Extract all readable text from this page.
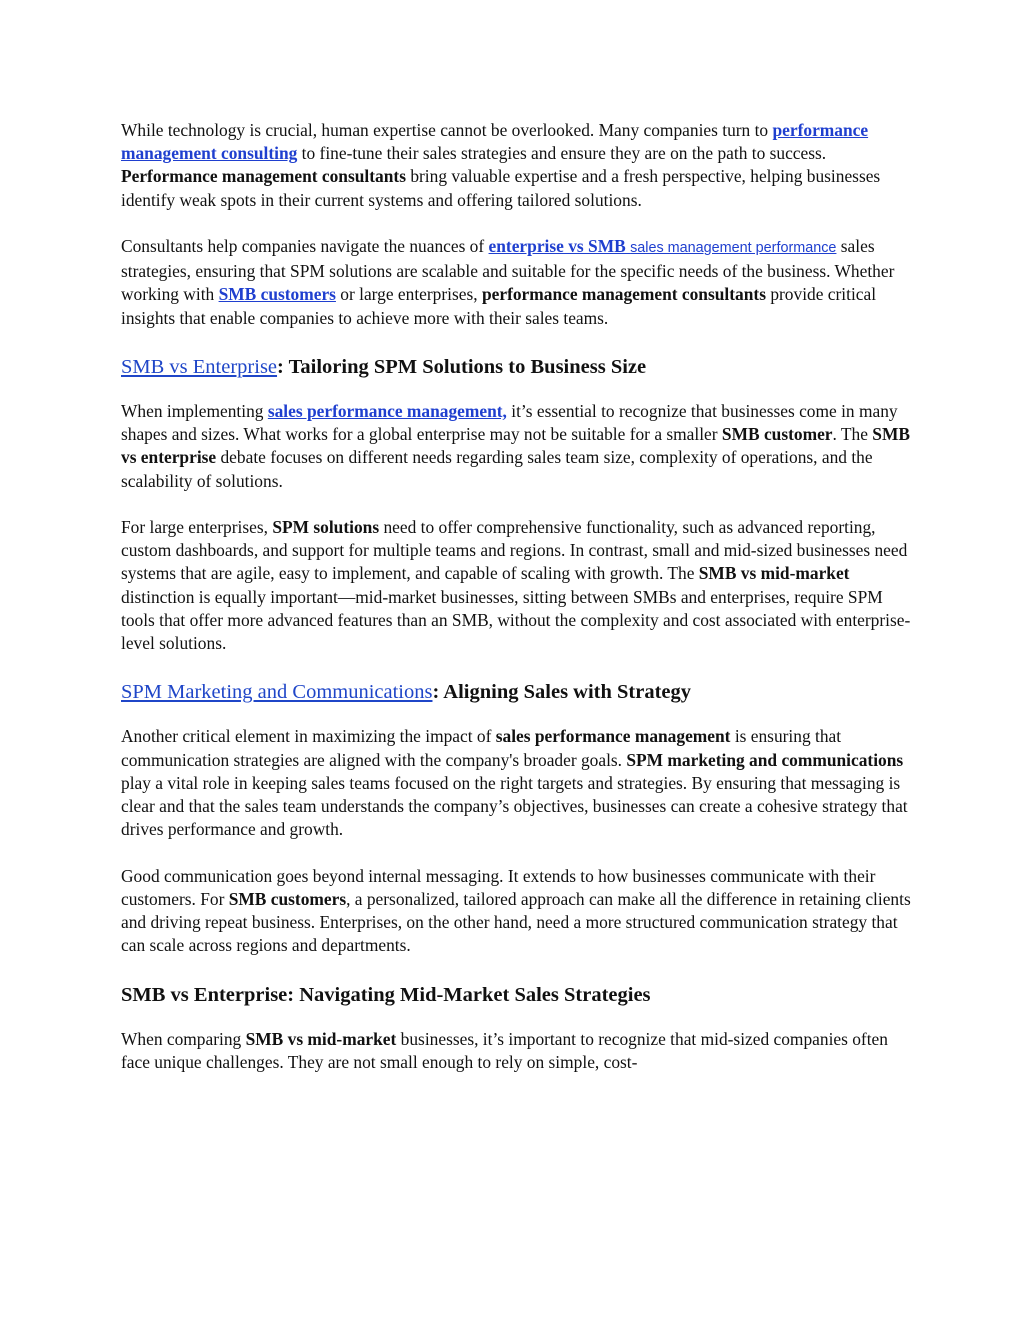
While technology is crucial, human expertise cannot be overlooked. Many companies turn to performance management consulting to fine-tune their sales strategies and ensure they are on the path to success. Performance management consultants bring valuable expertise and a fresh perspective, helping businesses identify weak spots in their current systems and offering tailored solutions.

Consultants help companies navigate the nuances of enterprise vs SMB sales management performance sales strategies, ensuring that SPM solutions are scalable and suitable for the specific needs of the business. Whether working with SMB customers or large enterprises, performance management consultants provide critical insights that enable companies to achieve more with their sales teams.

SMB vs Enterprise: Tailoring SPM Solutions to Business Size

When implementing sales performance management, it’s essential to recognize that businesses come in many shapes and sizes. What works for a global enterprise may not be suitable for a smaller SMB customer. The SMB vs enterprise debate focuses on different needs regarding sales team size, complexity of operations, and the scalability of solutions.

For large enterprises, SPM solutions need to offer comprehensive functionality, such as advanced reporting, custom dashboards, and support for multiple teams and regions. In contrast, small and mid-sized businesses need systems that are agile, easy to implement, and capable of scaling with growth. The SMB vs mid-market distinction is equally important—mid-market businesses, sitting between SMBs and enterprises, require SPM tools that offer more advanced features than an SMB, without the complexity and cost associated with enterprise-level solutions.

SPM Marketing and Communications: Aligning Sales with Strategy

Another critical element in maximizing the impact of sales performance management is ensuring that communication strategies are aligned with the company's broader goals. SPM marketing and communications play a vital role in keeping sales teams focused on the right targets and strategies. By ensuring that messaging is clear and that the sales team understands the company’s objectives, businesses can create a cohesive strategy that drives performance and growth.

Good communication goes beyond internal messaging. It extends to how businesses communicate with their customers. For SMB customers, a personalized, tailored approach can make all the difference in retaining clients and driving repeat business. Enterprises, on the other hand, need a more structured communication strategy that can scale across regions and departments.

SMB vs Enterprise: Navigating Mid-Market Sales Strategies

When comparing SMB vs mid-market businesses, it’s important to recognize that mid-sized companies often face unique challenges. They are not small enough to rely on simple, cost-
